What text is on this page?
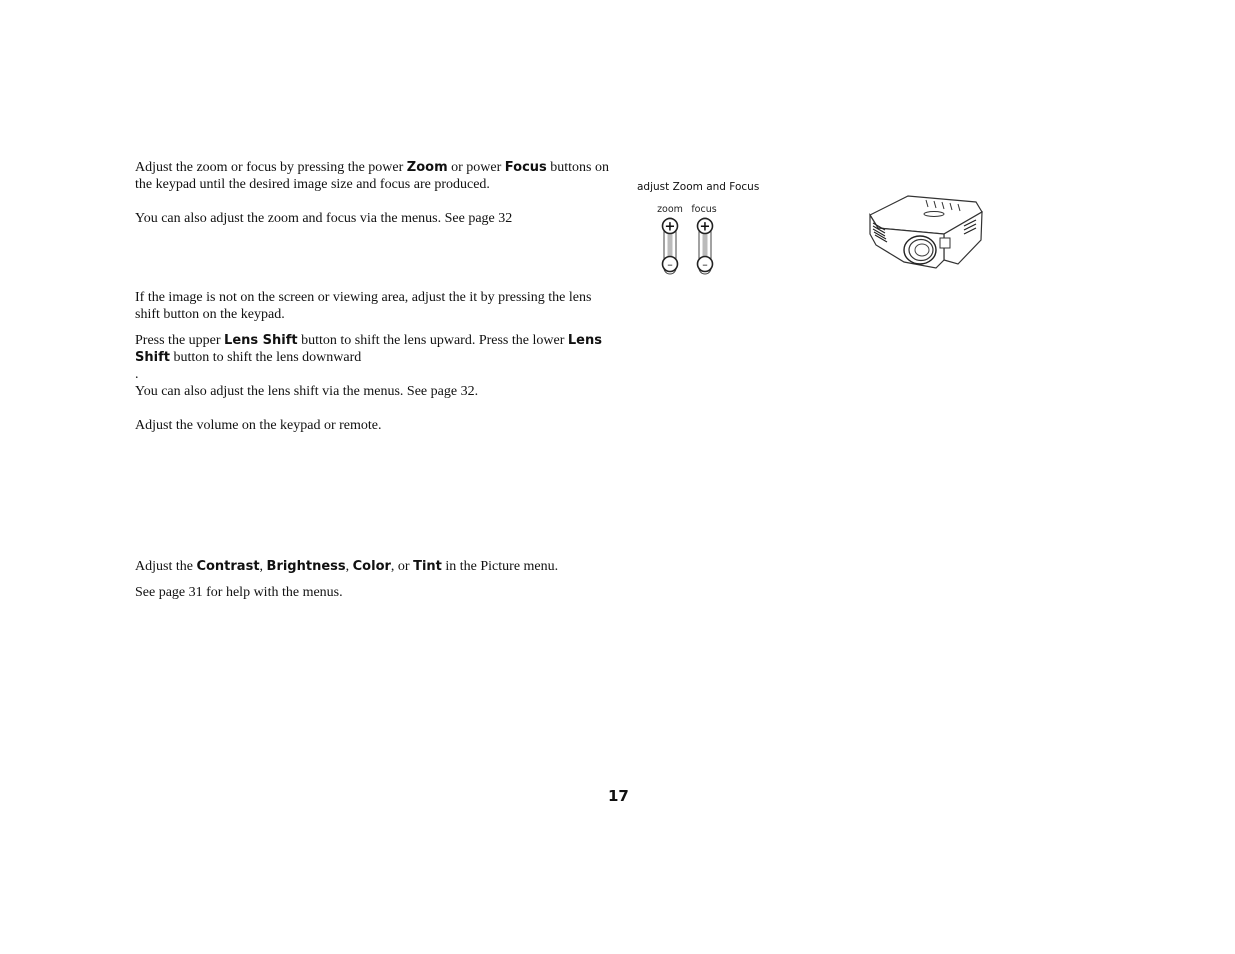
Adjust the zoom or focus by pressing the power Zoom or power Focus buttons on the keypad until the desired image size and focus are produced.

You can also adjust the zoom and focus via the menus. See page 32

If the image is not on the screen or viewing area, adjust the it by pressing the lens shift button on the keypad.

Press the upper Lens Shift button to shift the lens upward. Press the lower Lens Shift button to shift the lens downward
.

You can also adjust the lens shift via the menus. See page 32.

Adjust the volume on the keypad or remote.

Adjust the Contrast, Brightness, Color, or Tint in the Picture menu.

See page 31 for help with the menus.

adjust Zoom and Focus
zoom focus
+
–
+
–
17
